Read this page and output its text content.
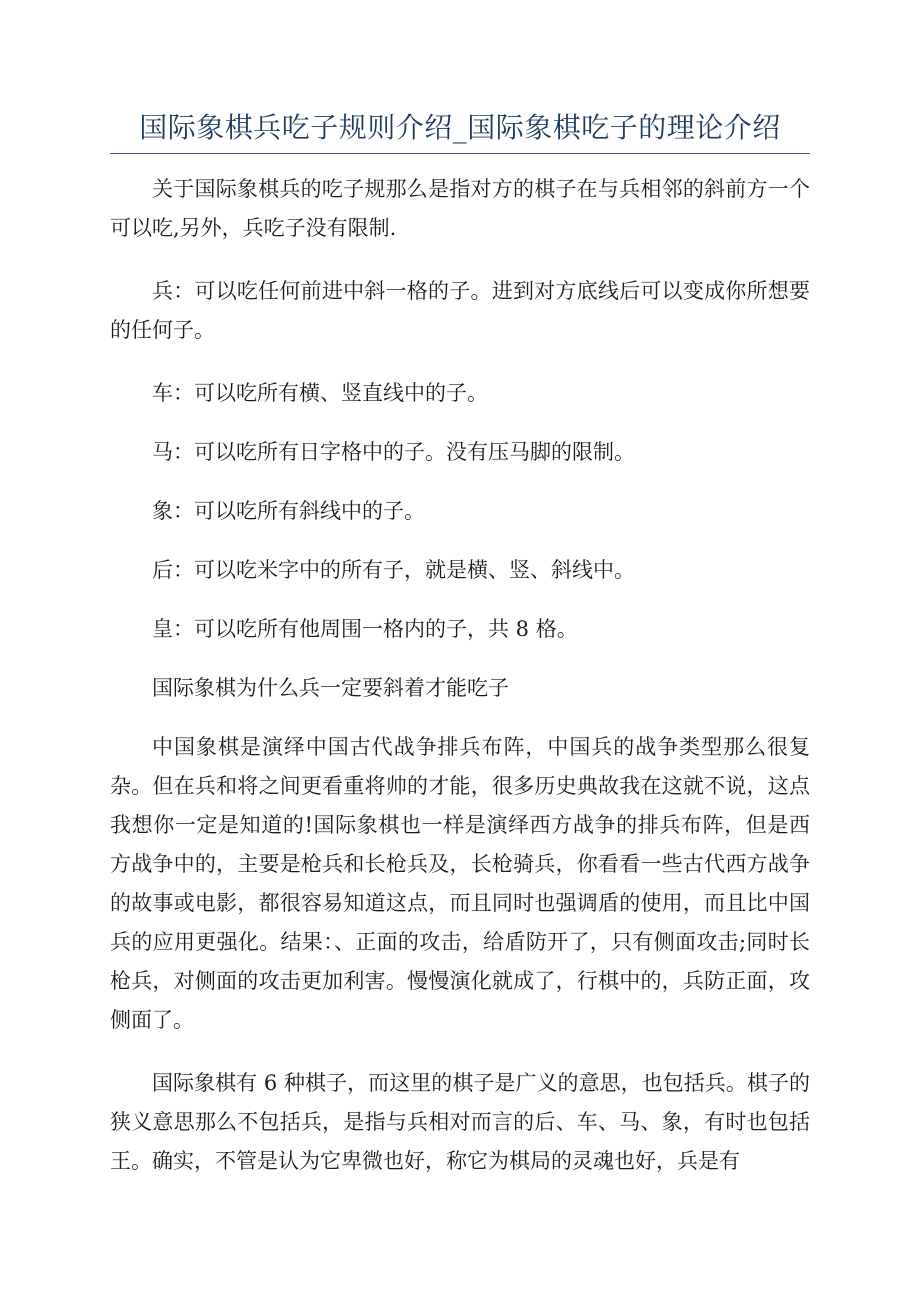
国际象棋兵吃子规则介绍_国际象棋吃子的理论介绍

关于国际象棋兵的吃子规那么是指对方的棋子在与兵相邻的斜前方一个可以吃,另外，兵吃子没有限制.

兵：可以吃任何前进中斜一格的子。进到对方底线后可以变成你所想要的任何子。

车：可以吃所有横、竖直线中的子。

马：可以吃所有日字格中的子。没有压马脚的限制。

象：可以吃所有斜线中的子。

后：可以吃米字中的所有子，就是横、竖、斜线中。

皇：可以吃所有他周围一格内的子，共 8 格。

国际象棋为什么兵一定要斜着才能吃子

中国象棋是演绎中国古代战争排兵布阵，中国兵的战争类型那么很复杂。但在兵和将之间更看重将帅的才能，很多历史典故我在这就不说，这点我想你一定是知道的!国际象棋也一样是演绎西方战争的排兵布阵，但是西方战争中的，主要是枪兵和长枪兵及，长枪骑兵，你看看一些古代西方战争的故事或电影，都很容易知道这点，而且同时也强调盾的使用，而且比中国兵的应用更强化。结果：、正面的攻击，给盾防开了，只有侧面攻击;同时长枪兵，对侧面的攻击更加利害。慢慢演化就成了，行棋中的，兵防正面，攻侧面了。

国际象棋有 6 种棋子，而这里的棋子是广义的意思，也包括兵。棋子的狭义意思那么不包括兵，是指与兵相对而言的后、车、马、象，有时也包括王。确实，不管是认为它卑微也好，称它为棋局的灵魂也好，兵是有
